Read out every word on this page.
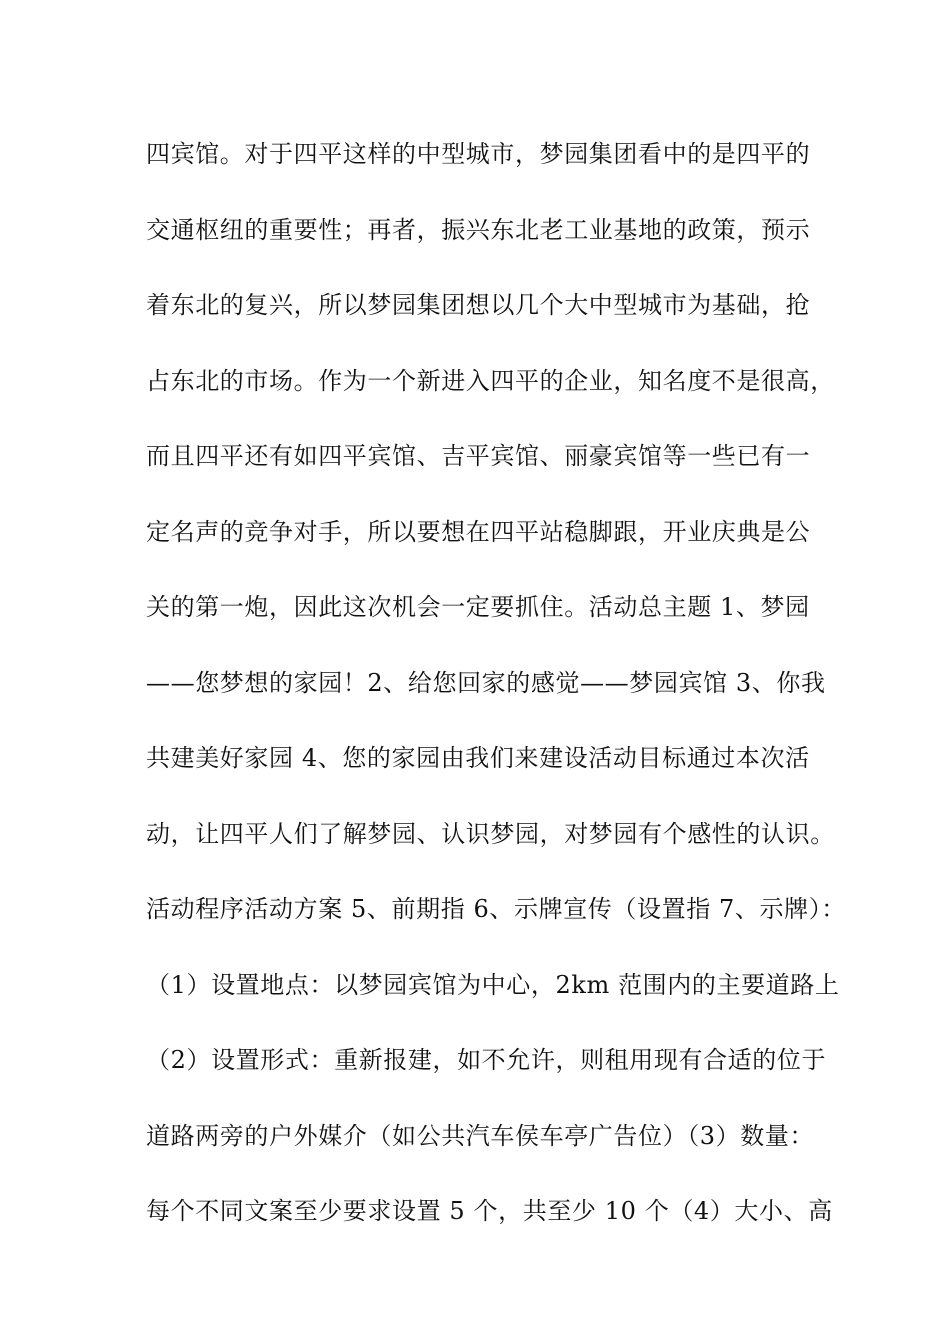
四宾馆。对于四平这样的中型城市，梦园集团看中的是四平的
交通枢纽的重要性；再者，振兴东北老工业基地的政策，预示
着东北的复兴，所以梦园集团想以几个大中型城市为基础，抢
占东北的市场。作为一个新进入四平的企业，知名度不是很高，
而且四平还有如四平宾馆、吉平宾馆、丽豪宾馆等一些已有一
定名声的竞争对手，所以要想在四平站稳脚跟，开业庆典是公
关的第一炮，因此这次机会一定要抓住。活动总主题 1、梦园
——您梦想的家园！2、给您回家的感觉——梦园宾馆 3、你我
共建美好家园 4、您的家园由我们来建设活动目标通过本次活
动，让四平人们了解梦园、认识梦园，对梦园有个感性的认识。
活动程序活动方案 5、前期指 6、示牌宣传（设置指 7、示牌）：
（1）设置地点：以梦园宾馆为中心，2km 范围内的主要道路上
（2）设置形式：重新报建，如不允许，则租用现有合适的位于
道路两旁的户外媒介（如公共汽车侯车亭广告位）（3）数量：
每个不同文案至少要求设置 5 个，共至少 10 个（4）大小、高
